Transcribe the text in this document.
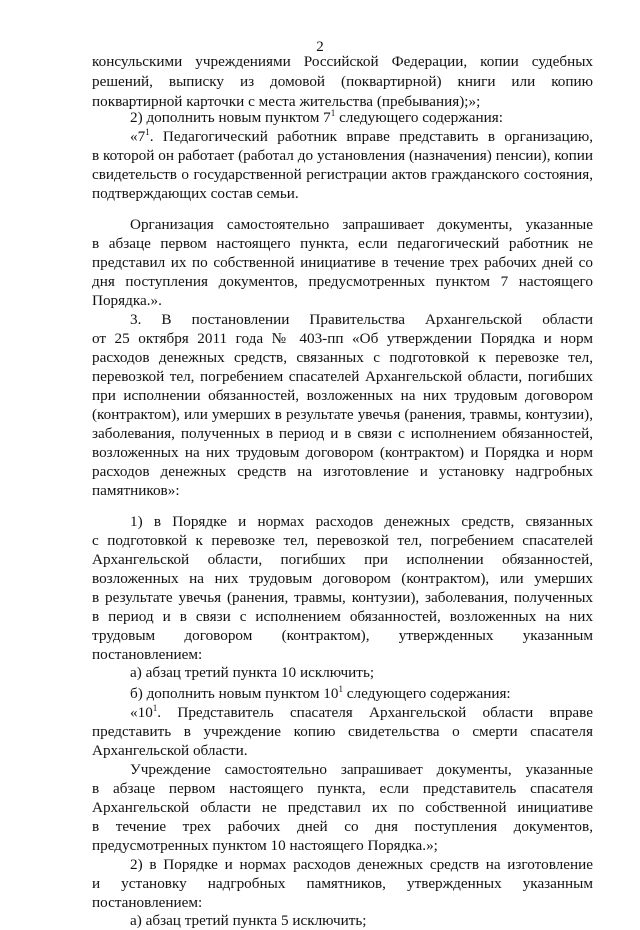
2
консульскими учреждениями Российской Федерации, копии судебных
решений, выписку из домовой (поквартирной) книги или копию
поквартирной карточки с места жительства (пребывания);»;
2) дополнить новым пунктом $7^1$ следующего содержания:
«$7^1$. Педагогический работник вправе представить в организацию,
в которой он работает (работал до установления (назначения) пенсии), копии
свидетельств о государственной регистрации актов гражданского состояния,
подтверждающих состав семьи.
Организация самостоятельно запрашивает документы, указанные
в абзаце первом настоящего пункта, если педагогический работник не
представил их по собственной инициативе в течение трех рабочих дней со
дня поступления документов, предусмотренных пунктом 7 настоящего
Порядка.».
3. В постановлении Правительства Архангельской области
от 25 октября 2011 года № 403-пп «Об утверждении Порядка и норм
расходов денежных средств, связанных с подготовкой к перевозке тел,
перевозкой тел, погребением спасателей Архангельской области, погибших
при исполнении обязанностей, возложенных на них трудовым договором
(контрактом), или умерших в результате увечья (ранения, травмы, контузии),
заболевания, полученных в период и в связи с исполнением обязанностей,
возложенных на них трудовым договором (контрактом) и Порядка и норм
расходов денежных средств на изготовление и установку надгробных
памятников»:
1) в Порядке и нормах расходов денежных средств, связанных
с подготовкой к перевозке тел, перевозкой тел, погребением спасателей
Архангельской области, погибших при исполнении обязанностей,
возложенных на них трудовым договором (контрактом), или умерших
в результате увечья (ранения, травмы, контузии), заболевания, полученных
в период и в связи с исполнением обязанностей, возложенных на них
трудовым договором (контрактом), утвержденных указанным
постановлением:
а) абзац третий пункта 10 исключить;
б) дополнить новым пунктом $10^1$ следующего содержания:
«$10^1$. Представитель спасателя Архангельской области вправе
представить в учреждение копию свидетельства о смерти спасателя
Архангельской области.
Учреждение самостоятельно запрашивает документы, указанные
в абзаце первом настоящего пункта, если представитель спасателя
Архангельской области не представил их по собственной инициативе
в течение трех рабочих дней со дня поступления документов,
предусмотренных пунктом 10 настоящего Порядка.»;
2) в Порядке и нормах расходов денежных средств на изготовление
и установку надгробных памятников, утвержденных указанным
постановлением:
а) абзац третий пункта 5 исключить;
